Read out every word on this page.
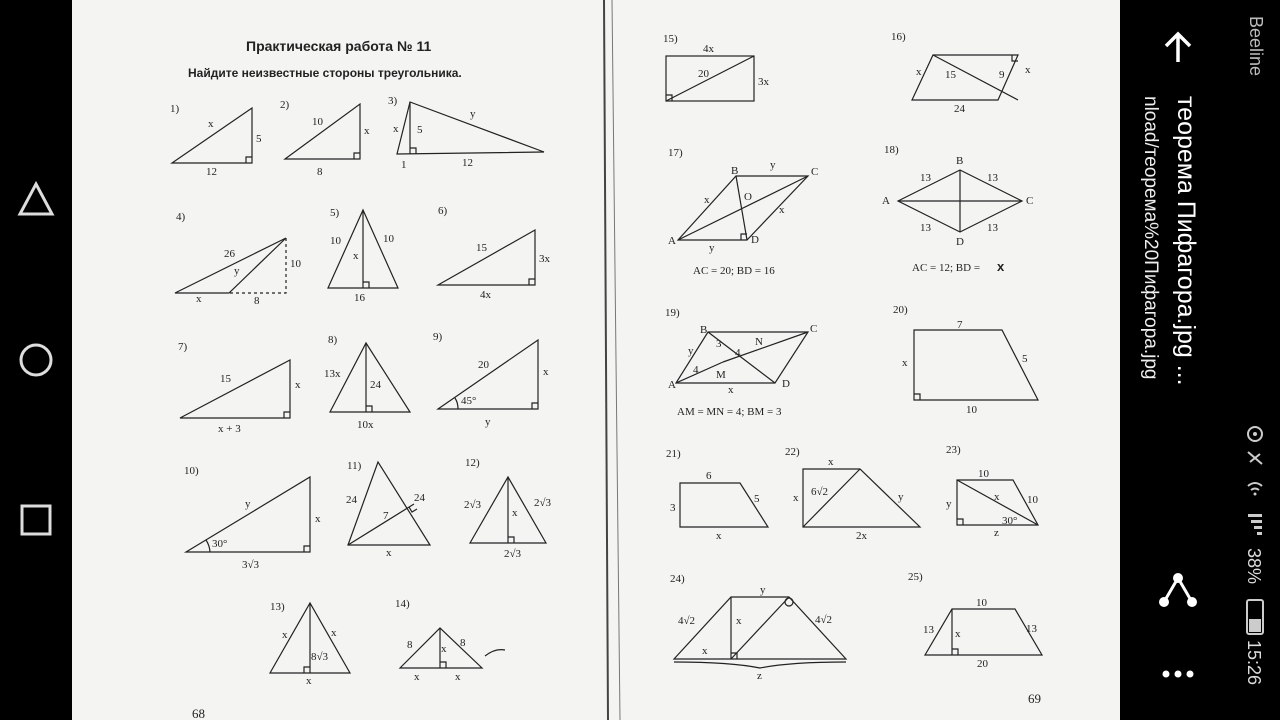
Практическая работа № 11
Найдите неизвестные стороны треугольника.
68
69
1)	2)	3)
4)	5)	6)
7)
8)	9)
10)	11)	12)
13)	14)
15)	16)
17)	18)
19)	20)
21)	22)	23)
24)	25)
x
5
12
10
x
8
x 5
y
1	12
26
y
10
x	8
10	10
x
16
15
3x
4x
15	x
x + 3
13x
24
10x
20
x
45°
y
y
x
30°
3√3
24	24
7
x
2√3	2√3
x
2√3
x	x
8√3
x
8	8
x
x	x
4x
20
3x
x 15	9 x
24
B	C
A	D
O
y
x
x
y
AC = 20; BD = 16
B
C
A
D
13	13
13	13
AC = 12; BD =
B	C
A	D
M
N
3
4
4
y
x
AM = MN = 4; BM = 3
7
x	5
10
6
3
5
x
x
x 6√2	y
2x
10
y
x	10
30°
z
y
4√2	4√2
x
x
z
10
13	13
x
20
x	теорема Пифагора.jpg ...
nload/теорема%20Пифагора.jpg
Beeline
38%
15:26
